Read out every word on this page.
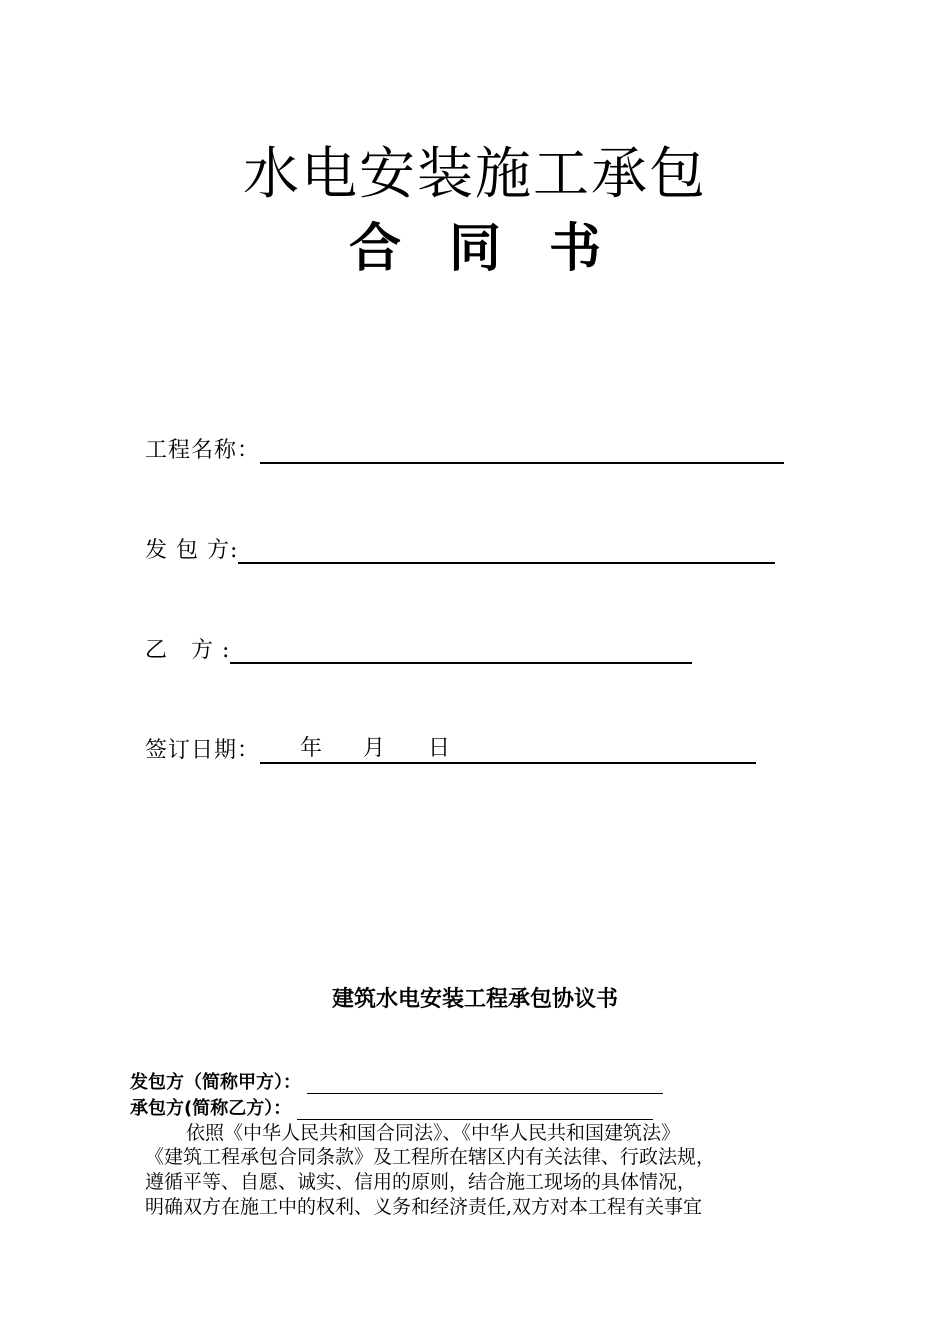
水电安装施工承包
合同书
工程名称：
发 包 方:
乙　方 :
签订日期： 年 月 日
建筑水电安装工程承包协议书
发包方（简称甲方）：
承包方(简称乙方）：
依照《中华人民共和国合同法》、《中华人民共和国建筑法》
《建筑工程承包合同条款》及工程所在辖区内有关法律、行政法规，
遵循平等、自愿、诚实、信用的原则，结合施工现场的具体情况，
明确双方在施工中的权利、义务和经济责任,双方对本工程有关事宜
